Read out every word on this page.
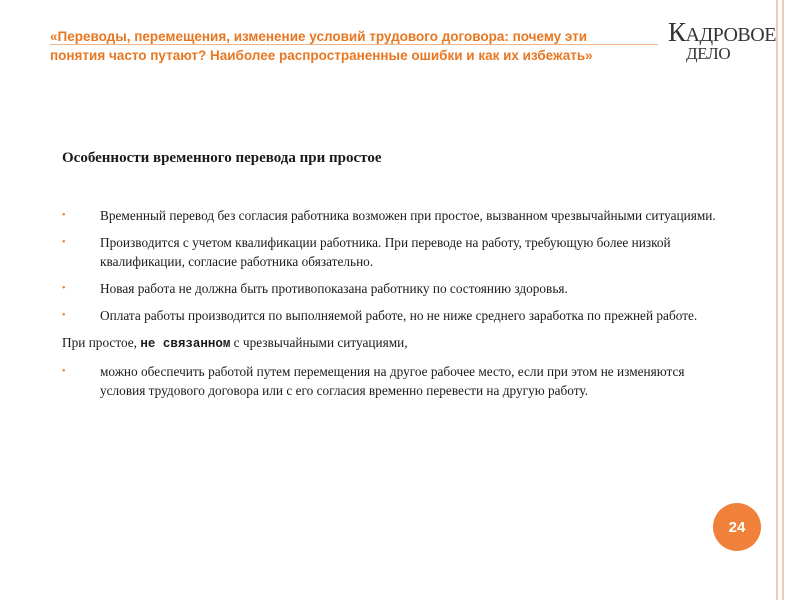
«Переводы, перемещения, изменение условий трудового договора: почему эти
понятия часто путают? Наиболее распространенные ошибки и как их избежать»
КАДРОВОЕ
ДЕЛО
Особенности временного перевода при простое
•	Временный перевод без согласия работника возможен при простое, вызванном чрезвычайными ситуациями.
•	Производится с учетом квалификации работника. При переводе на работу, требующую более низкой квалификации, согласие работника обязательно.
•	Новая работа не должна быть противопоказана работнику по состоянию здоровья.
•	Оплата работы производится по выполняемой работе, но не ниже среднего заработка по прежней работе.

При простое, не связанном с чрезвычайными ситуациями,

•	можно обеспечить работой путем перемещения на другое рабочее место, если при этом не изменяются условия трудового договора или с его согласия временно перевести на другую работу.
24
